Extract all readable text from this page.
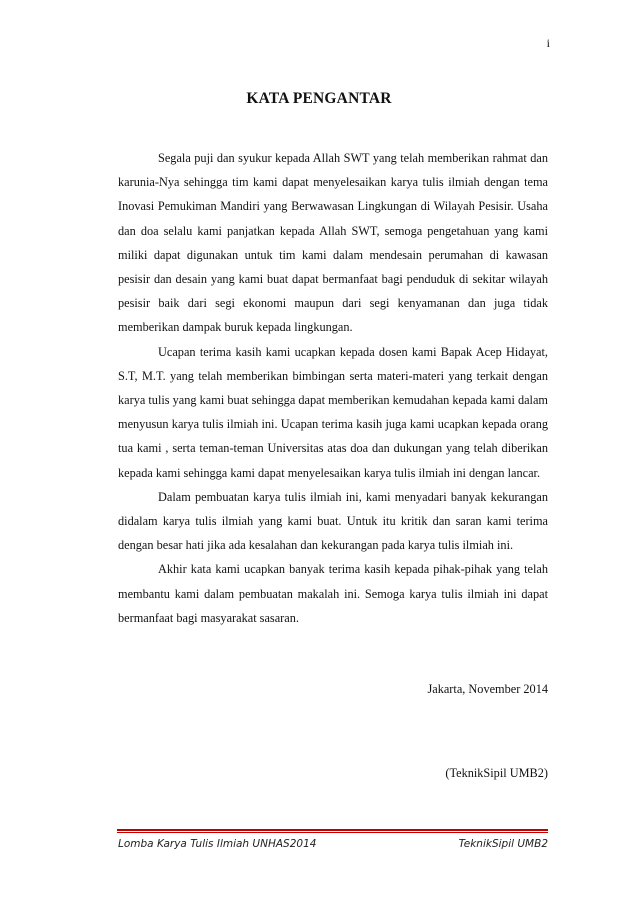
i
KATA PENGANTAR

Segala puji dan syukur kepada Allah SWT yang telah memberikan rahmat dan karunia-Nya sehingga tim kami dapat menyelesaikan karya tulis ilmiah dengan tema Inovasi Pemukiman Mandiri yang Berwawasan Lingkungan di Wilayah Pesisir. Usaha dan doa selalu kami panjatkan kepada Allah SWT, semoga pengetahuan yang kami miliki dapat digunakan untuk tim kami dalam mendesain perumahan di kawasan pesisir dan desain yang kami buat dapat bermanfaat bagi penduduk di sekitar wilayah pesisir baik dari segi ekonomi maupun dari segi kenyamanan dan juga tidak memberikan dampak buruk kepada lingkungan.

Ucapan terima kasih kami ucapkan kepada dosen kami Bapak Acep Hidayat, S.T, M.T. yang telah memberikan bimbingan serta materi-materi yang terkait dengan karya tulis yang kami buat sehingga dapat memberikan kemudahan kepada kami dalam menyusun karya tulis ilmiah ini. Ucapan terima kasih juga kami ucapkan kepada orang tua kami , serta teman-teman Universitas atas doa dan dukungan yang telah diberikan kepada kami sehingga kami dapat menyelesaikan karya tulis ilmiah ini dengan lancar.

Dalam pembuatan karya tulis ilmiah ini, kami menyadari banyak kekurangan didalam karya tulis ilmiah yang kami buat. Untuk itu kritik dan saran kami terima dengan besar hati jika ada kesalahan dan kekurangan pada karya tulis ilmiah ini.

Akhir kata kami ucapkan banyak terima kasih kepada pihak-pihak yang telah membantu kami dalam pembuatan makalah ini. Semoga karya tulis ilmiah ini dapat bermanfaat bagi masyarakat sasaran.

Jakarta, November 2014
(TeknikSipil UMB2)
Lomba Karya Tulis Ilmiah UNHAS2014	TeknikSipil UMB2
